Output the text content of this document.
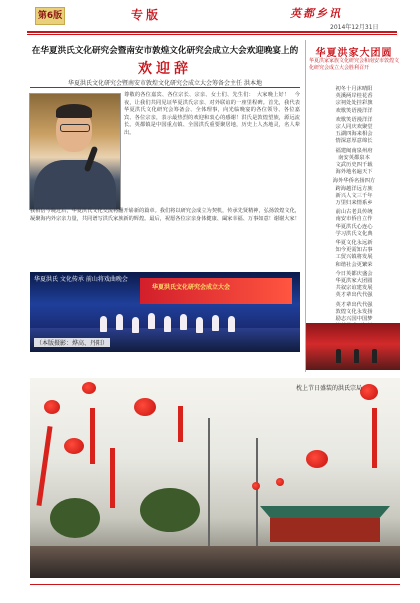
第6版	专版	英都乡讯
2014年12月31日
在华夏洪氏文化研究会暨南安市敦煌文化研究会成立大会欢迎晚宴上的
欢迎辞
华夏洪氏文化研究会暨南安市敦煌文化研究会成立大会筹备会主任 洪本地
尊敬的各位嘉宾、各位宗长、宗亲、女士们、先生们：　大家晚上好！　今夜，让我们共同见证华夏洪氏宗亲、对外联谊的一座里程碑。首先，我代表华夏洪氏文化研究会筹备会、全体理事，向光临晚宴的各位领导、各位嘉宾、各位宗亲，表示最热烈的欢迎和衷心的感谢！洪氏是敦煌望族，源远流长。英都镇是中国重点镇、全国洪氏重要聚居地，历史上人杰地灵，名人辈出。
我相信今晚过后，华夏洪氏文化交流将翻开崭新的篇章。我们将以研究会成立为契机，传承先贤精神，弘扬敦煌文化，凝聚海内外宗亲力量，共同谱写洪氏家族新的辉煌。最后，祝愿各位宗亲身体健康、阖家幸福、万事如意！谢谢大家！
华夏洪氏文化研究会成立大会
华夏洪氏 文化传承 前山将戏曲晚会
（本版摄影：烨高、丹阳）
华夏洪家大团圆
华夏洪家家族文化研究会和南安市敦煌文化研究会成立大会胜利召开
初冬十月沐晴阳
英溪两岸桂花香
宗祠处处挂彩旗
欢歌笑语漫洋洋
欢歌笑语漫洋洋
宗人同庆欢聚堂
五湖四海来相会
情深意厚意绵长
福建闽南泉州府
南安英都泉本
文武历史四千载
海外地名遍天下
海外华侨名扬四方
跨海越洋远方族
新兴人文三千年
万里归来情系乡
前山古老具传统
南安市侨自立作
华夏洪氏心连心
学习洪氏文化典
华夏文化永远新
知今更需知古事
工贸兴镇将发展
和谐社会更繁荣
今日英都庆盛会
华夏洪家大团圆
共叙宗谊建发展
英才辈出代代强
英才辈出代代强
敦煌文化永发扬
励志兴国中国梦
枕上节日盛装的洪氏宗局
